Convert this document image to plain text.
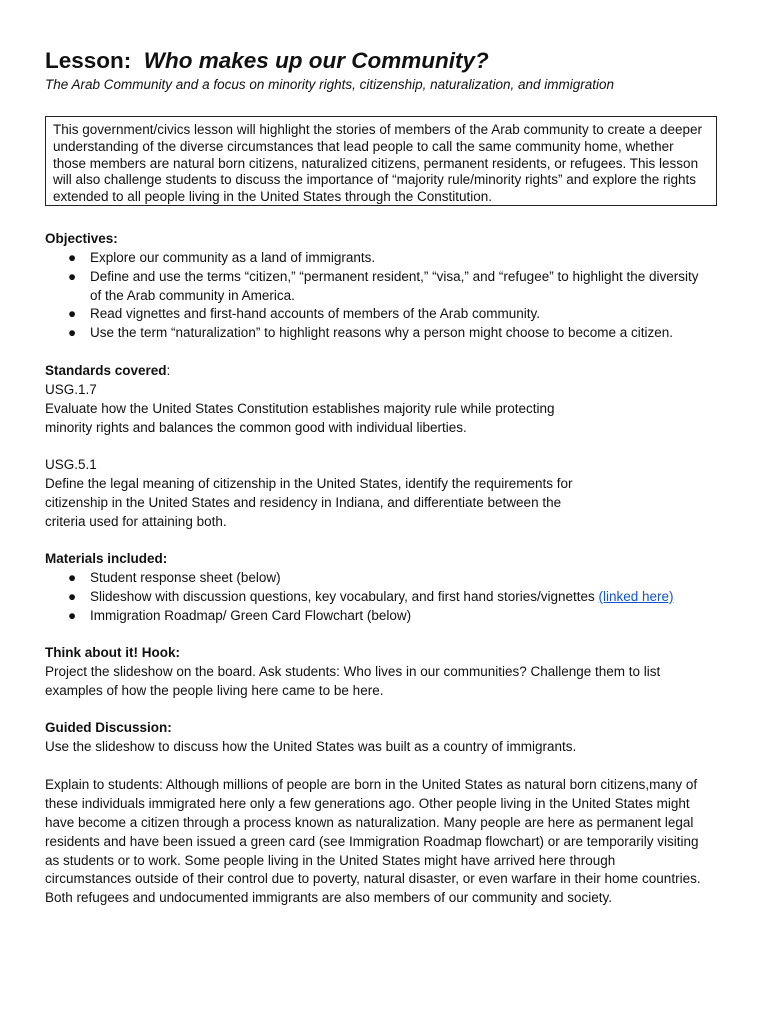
Lesson: Who makes up our Community?
The Arab Community and a focus on minority rights, citizenship, naturalization, and immigration
This government/civics lesson will highlight the stories of members of the Arab community to create a deeper
understanding of the diverse circumstances that lead people to call the same community home, whether
those members are natural born citizens, naturalized citizens, permanent residents, or refugees. This lesson
will also challenge students to discuss the importance of “majority rule/minority rights” and explore the rights
extended to all people living in the United States through the Constitution.
Objectives:
● Explore our community as a land of immigrants.
● Define and use the terms “citizen,” “permanent resident,” “visa,” and “refugee” to highlight the diversity
of the Arab community in America.
● Read vignettes and first-hand accounts of members of the Arab community.
● Use the term “naturalization” to highlight reasons why a person might choose to become a citizen.
Standards covered:
USG.1.7
Evaluate how the United States Constitution establishes majority rule while protecting
minority rights and balances the common good with individual liberties.
USG.5.1
Define the legal meaning of citizenship in the United States, identify the requirements for
citizenship in the United States and residency in Indiana, and differentiate between the
criteria used for attaining both.
Materials included:
● Student response sheet (below)
● Slideshow with discussion questions, key vocabulary, and first hand stories/vignettes (linked here)
● Immigration Roadmap/ Green Card Flowchart (below)
Think about it! Hook:
Project the slideshow on the board. Ask students: Who lives in our communities? Challenge them to list
examples of how the people living here came to be here.
Guided Discussion:
Use the slideshow to discuss how the United States was built as a country of immigrants.
Explain to students: Although millions of people are born in the United States as natural born citizens,many of
these individuals immigrated here only a few generations ago. Other people living in the United States might
have become a citizen through a process known as naturalization. Many people are here as permanent legal
residents and have been issued a green card (see Immigration Roadmap flowchart) or are temporarily visiting
as students or to work. Some people living in the United States might have arrived here through
circumstances outside of their control due to poverty, natural disaster, or even warfare in their home countries.
Both refugees and undocumented immigrants are also members of our community and society.
